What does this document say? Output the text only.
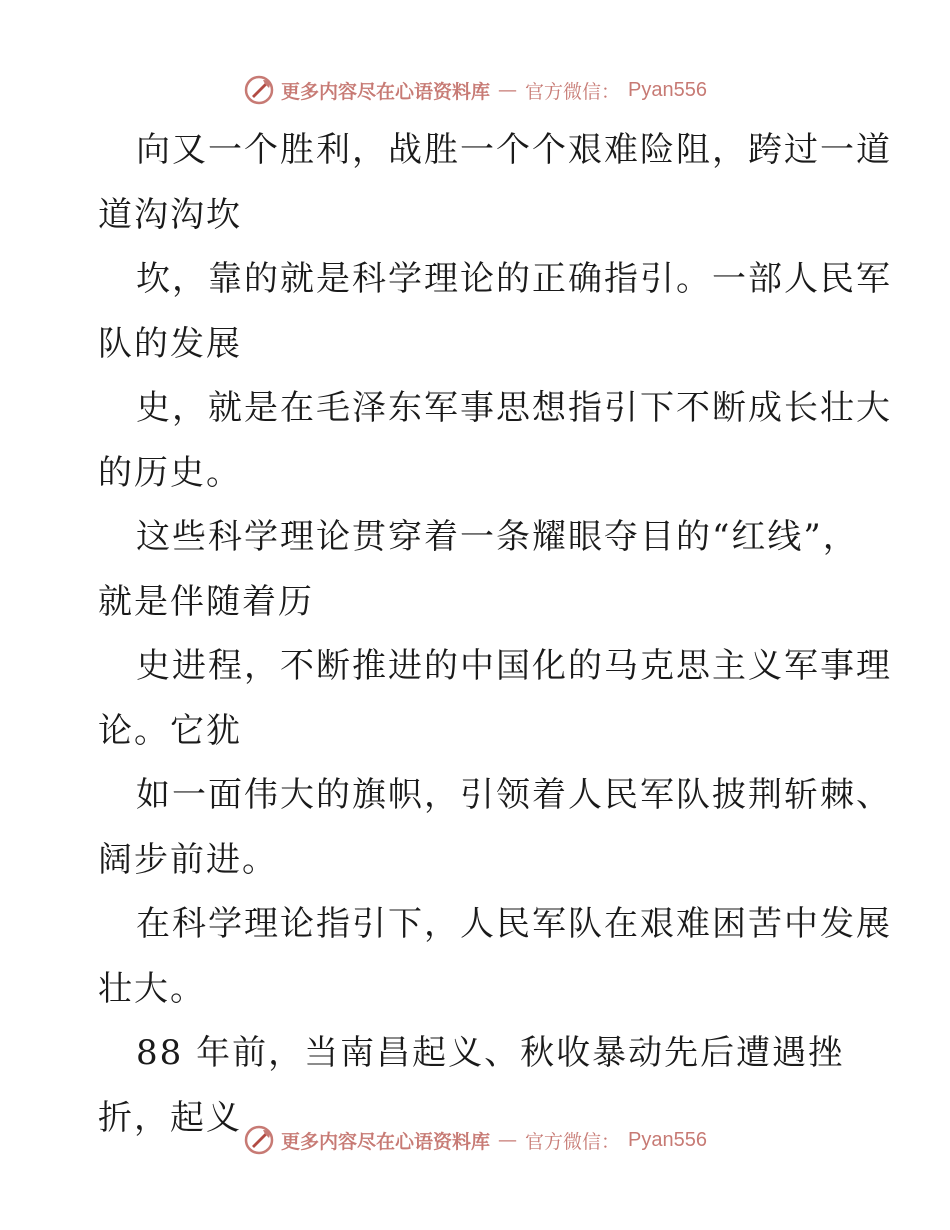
更多内容尽在心语资料库 — 官方微信： Pyan556
向又一个胜利，战胜一个个艰难险阻，跨过一道
道沟沟坎
坎，靠的就是科学理论的正确指引。一部人民军
队的发展
史，就是在毛泽东军事思想指引下不断成长壮大
的历史。
这些科学理论贯穿着一条耀眼夺目的“红线”，
就是伴随着历
史进程，不断推进的中国化的马克思主义军事理
论。它犹
如一面伟大的旗帜，引领着人民军队披荆斩棘、
阔步前进。
在科学理论指引下，人民军队在艰难困苦中发展
壮大。
88 年前，当南昌起义、秋收暴动先后遭遇挫
折，起义
更多内容尽在心语资料库 — 官方微信： Pyan556
